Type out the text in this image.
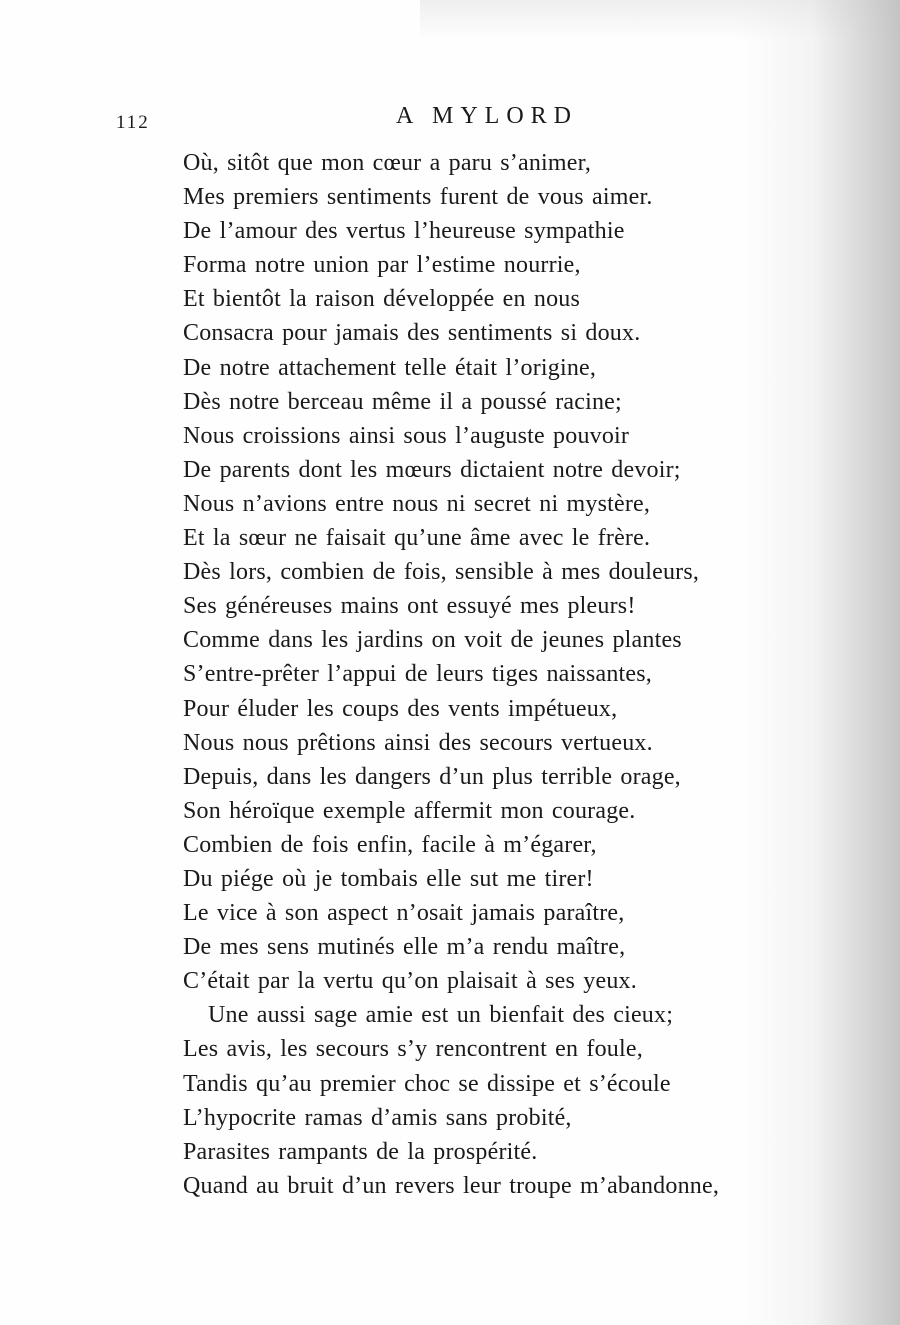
112	A MYLORD
Où, sitôt que mon cœur a paru s’animer,
Mes premiers sentiments furent de vous aimer.
De l’amour des vertus l’heureuse sympathie
Forma notre union par l’estime nourrie,
Et bientôt la raison développée en nous
Consacra pour jamais des sentiments si doux.
De notre attachement telle était l’origine,
Dès notre berceau même il a poussé racine;
Nous croissions ainsi sous l’auguste pouvoir
De parents dont les mœurs dictaient notre devoir;
Nous n’avions entre nous ni secret ni mystère,
Et la sœur ne faisait qu’une âme avec le frère.
Dès lors, combien de fois, sensible à mes douleurs,
Ses généreuses mains ont essuyé mes pleurs!
Comme dans les jardins on voit de jeunes plantes
S’entre-prêter l’appui de leurs tiges naissantes,
Pour éluder les coups des vents impétueux,
Nous nous prêtions ainsi des secours vertueux.
Depuis, dans les dangers d’un plus terrible orage,
Son héroïque exemple affermit mon courage.
Combien de fois enfin, facile à m’égarer,
Du piége où je tombais elle sut me tirer!
Le vice à son aspect n’osait jamais paraître,
De mes sens mutinés elle m’a rendu maître,
C’était par la vertu qu’on plaisait à ses yeux.
Une aussi sage amie est un bienfait des cieux;
Les avis, les secours s’y rencontrent en foule,
Tandis qu’au premier choc se dissipe et s’écoule
L’hypocrite ramas d’amis sans probité,
Parasites rampants de la prospérité.
Quand au bruit d’un revers leur troupe m’abandonne,
